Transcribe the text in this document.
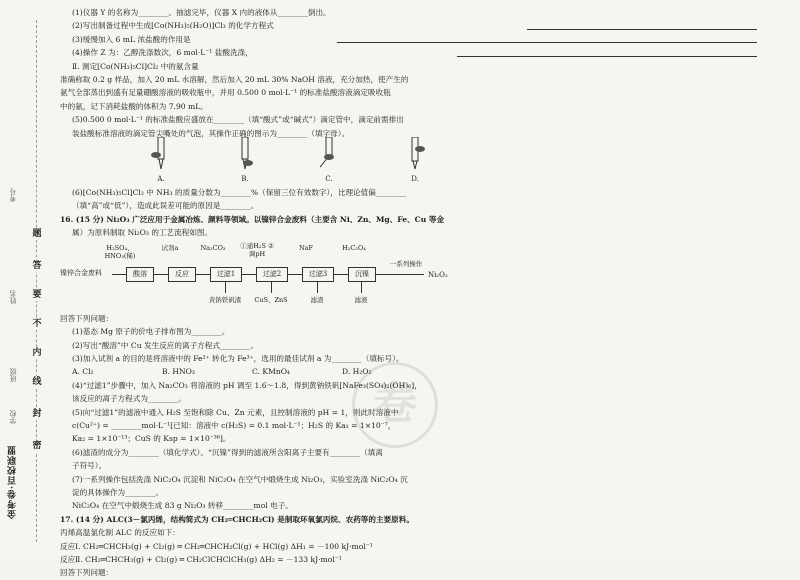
题
答
要
不
内
线
封
密
考号
姓名
班级
学校
金考卷·百校联盟
卷
(1)仪器 Y 的名称为________。抽滤完毕，仪器 X 内的液体从________倒出。
(2)写出制备过程中生成[Co(NH₃)₅(H₂O)]Cl₃ 的化学方程式
(3)缓慢加入 6 mL 浓盐酸的作用是
(4)操作 Z 为：乙醇洗涤数次，6 mol·L⁻¹ 盐酸洗涤，
Ⅱ. 测定[Co(NH₃)₅Cl]Cl₂ 中的氨含量
准确称取 0.2 g 样品，加入 20 mL 水溶解，然后加入 20 mL 30% NaOH 溶液，充分加热，使产生的
氨气全部蒸出到盛有足量硼酸溶液的吸收瓶中，并用 0.500 0 mol·L⁻¹ 的标准盐酸溶液滴定吸收瓶
中的氨，记下消耗盐酸的体积为 7.90 mL。
(5)0.500 0 mol·L⁻¹ 的标准盐酸应盛放在________（填“酸式”或“碱式”）滴定管中，滴定前需排出
装盐酸标准溶液的滴定管尖嘴处的气泡，其操作正确的图示为________（填字母）。
A.	B.	C.	D.
(6)[Co(NH₃)₅Cl]Cl₂ 中 NH₃ 的质量分数为________%（保留三位有效数字），比理论值偏________
（填“高”或“低”），造成此误差可能的原因是________。
16. (15 分) Ni₂O₃ 广泛应用于金属冶炼、颜料等领域。以镍锌合金废料（主要含 Ni、Zn、Mg、Fe、Cu 等金
属）为原料制取 Ni₂O₃ 的工艺流程如图。
H₂SO₄、HNO₃(稀)
试剂a	Na₂CO₃	①通H₂S ②调pH
NaF	H₂C₂O₄
镍锌合金废料	酸溶	反应	过滤1	过滤2	过滤3	沉镍
一系列操作
Ni₂O₃
黄钠铁矾渣	CuS、ZnS	滤渣	滤液
回答下列问题：
(1)基态 Mg 原子的价电子排布图为________。
(2)写出“酸溶”中 Cu 发生反应的离子方程式________。
(3)加入试剂 a 的目的是将溶液中的 Fe²⁺ 转化为 Fe³⁺，选用的最佳试剂 a 为________（填标号）。
A. Cl₂	B. HNO₃	C. KMnO₄	D. H₂O₂
(4)“过滤1”步骤中，加入 Na₂CO₃ 将溶液的 pH 调至 1.6～1.8，得到黄钠铁矾[NaFe₃(SO₄)₂(OH)₆]，
该反应的离子方程式为________。
(5)向“过滤1”的滤液中通入 H₂S 至饱和除 Cu、Zn 元素，且控制溶液的 pH = 1，则此时溶液中
c(Cu²⁺) = ________mol·L⁻¹[已知：溶液中 c(H₂S) = 0.1 mol·L⁻¹；H₂S 的 Ka₁ = 1×10⁻⁷，
Ka₂ = 1×10⁻¹³；CuS 的 Ksp = 1×10⁻³⁶]。
(6)滤渣的成分为________（填化学式）。“沉镍”得到的滤液所含阳离子主要有________（填离
子符号）。
(7)一系列操作包括洗涤 NiC₂O₄ 沉淀和 NiC₂O₄ 在空气中煅烧生成 Ni₂O₃，实验室洗涤 NiC₂O₄ 沉
淀的具体操作为________。
NiC₂O₄ 在空气中煅烧生成 83 g Ni₂O₃ 转移________mol 电子。
17. (14 分) ALC(3－氯丙烯，结构简式为 CH₂═CHCH₂Cl) 是制取环氧氯丙烷、农药等的主要原料。
丙烯高温氯化制 ALC 的反应如下：
反应Ⅰ. CH₂═CHCH₃(g) + Cl₂(g) ═ CH₂═CHCH₂Cl(g) + HCl(g) ΔH₁ = －100 kJ·mol⁻¹
反应Ⅱ. CH₂═CHCH₃(g) + Cl₂(g) ═ CH₂ClCHClCH₃(g) ΔH₂ = －133 kJ·mol⁻¹
回答下列问题：
